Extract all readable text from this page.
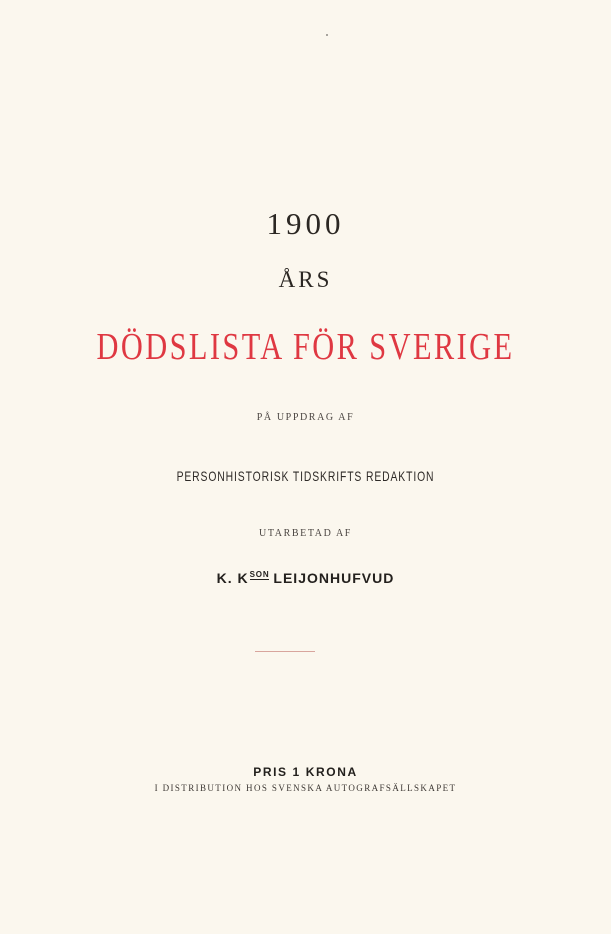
1900
ÅRS
DÖDSLISTA FÖR SVERIGE
PÅ UPPDRAG AF
PERSONHISTORISK TIDSKRIFTS REDAKTION
UTARBETAD AF
K. $K^{SON}$ LEIJONHUFVUD
PRIS 1 KRONA
I DISTRIBUTION HOS SVENSKA AUTOGRAFSÄLLSKAPET
